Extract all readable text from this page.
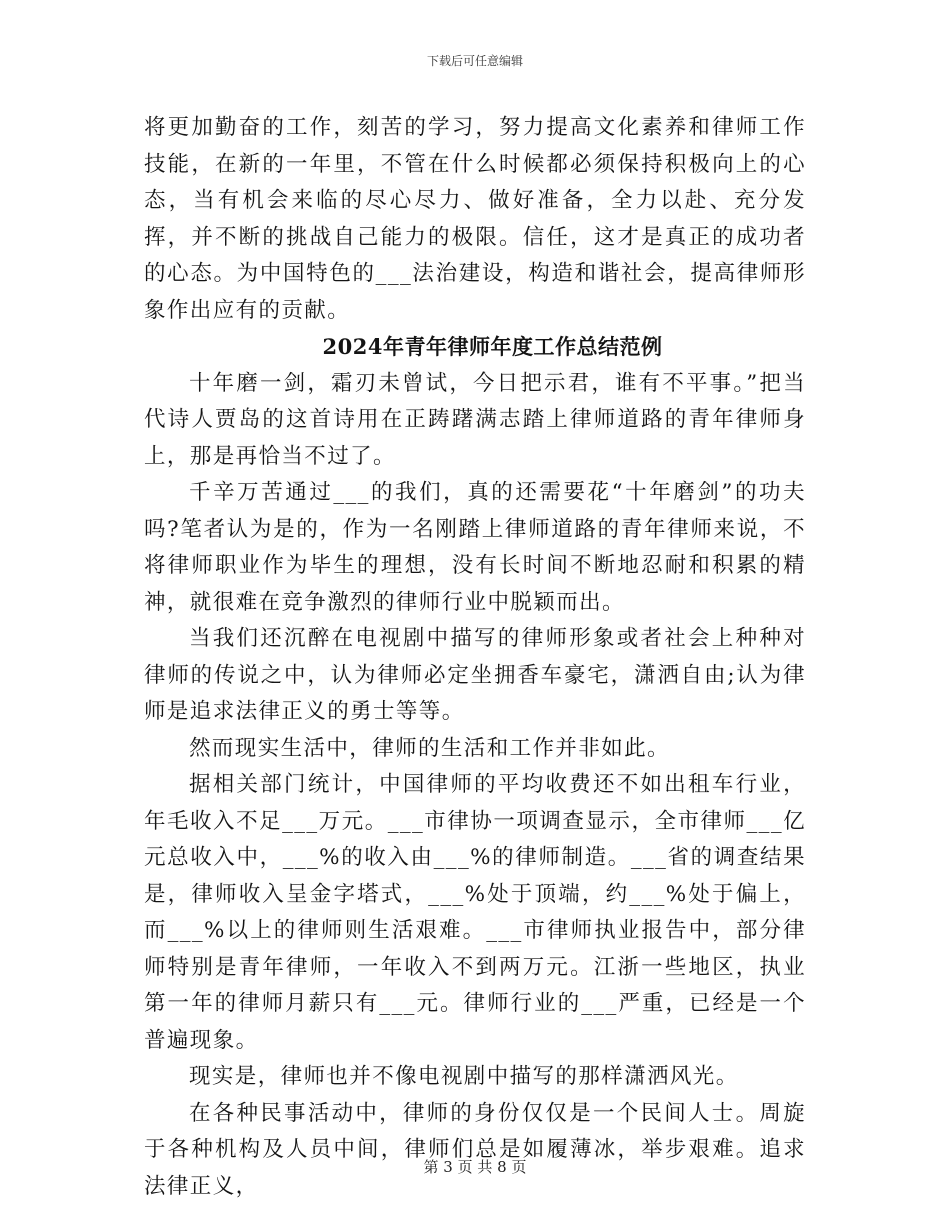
下载后可任意编辑

将更加勤奋的工作，刻苦的学习，努力提高文化素养和律师工作技能，在新的一年里，不管在什么时候都必须保持积极向上的心态，当有机会来临的尽心尽力、做好准备，全力以赴、充分发挥，并不断的挑战自己能力的极限。信任，这才是真正的成功者的心态。为中国特色的___法治建设，构造和谐社会，提高律师形象作出应有的贡献。

2024年青年律师年度工作总结范例

十年磨一剑，霜刃未曾试，今日把示君，谁有不平事。”把当代诗人贾岛的这首诗用在正踌躇满志踏上律师道路的青年律师身上，那是再恰当不过了。

千辛万苦通过___的我们，真的还需要花“十年磨剑”的功夫吗?笔者认为是的，作为一名刚踏上律师道路的青年律师来说，不将律师职业作为毕生的理想，没有长时间不断地忍耐和积累的精神，就很难在竞争激烈的律师行业中脱颖而出。

当我们还沉醉在电视剧中描写的律师形象或者社会上种种对律师的传说之中，认为律师必定坐拥香车豪宅，潇洒自由;认为律师是追求法律正义的勇士等等。

然而现实生活中，律师的生活和工作并非如此。

据相关部门统计，中国律师的平均收费还不如出租车行业，年毛收入不足___万元。___市律协一项调查显示，全市律师___亿元总收入中，___%的收入由___%的律师制造。___省的调查结果是，律师收入呈金字塔式，___%处于顶端，约___%处于偏上，而___%以上的律师则生活艰难。___市律师执业报告中，部分律师特别是青年律师，一年收入不到两万元。江浙一些地区，执业第一年的律师月薪只有___元。律师行业的___严重，已经是一个普遍现象。

现实是，律师也并不像电视剧中描写的那样潇洒风光。

在各种民事活动中，律师的身份仅仅是一个民间人士。周旋于各种机构及人员中间，律师们总是如履薄冰，举步艰难。追求法律正义，

第 3 页 共 8 页
